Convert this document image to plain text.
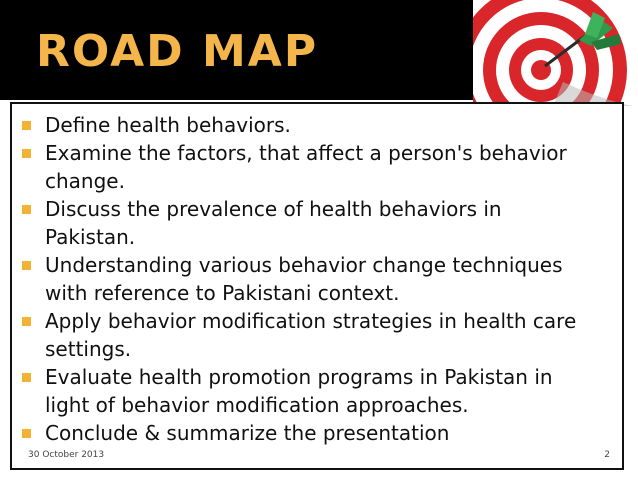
ROAD MAP
Define health behaviors.
Examine the factors, that affect a person's behavior
change.
Discuss the prevalence of health behaviors in
Pakistan.
Understanding various behavior change techniques
with reference to Pakistani context.
Apply behavior modification strategies in health care
settings.
Evaluate health promotion programs in Pakistan in
light of behavior modification approaches.
Conclude & summarize the presentation
30 October 2013	2
